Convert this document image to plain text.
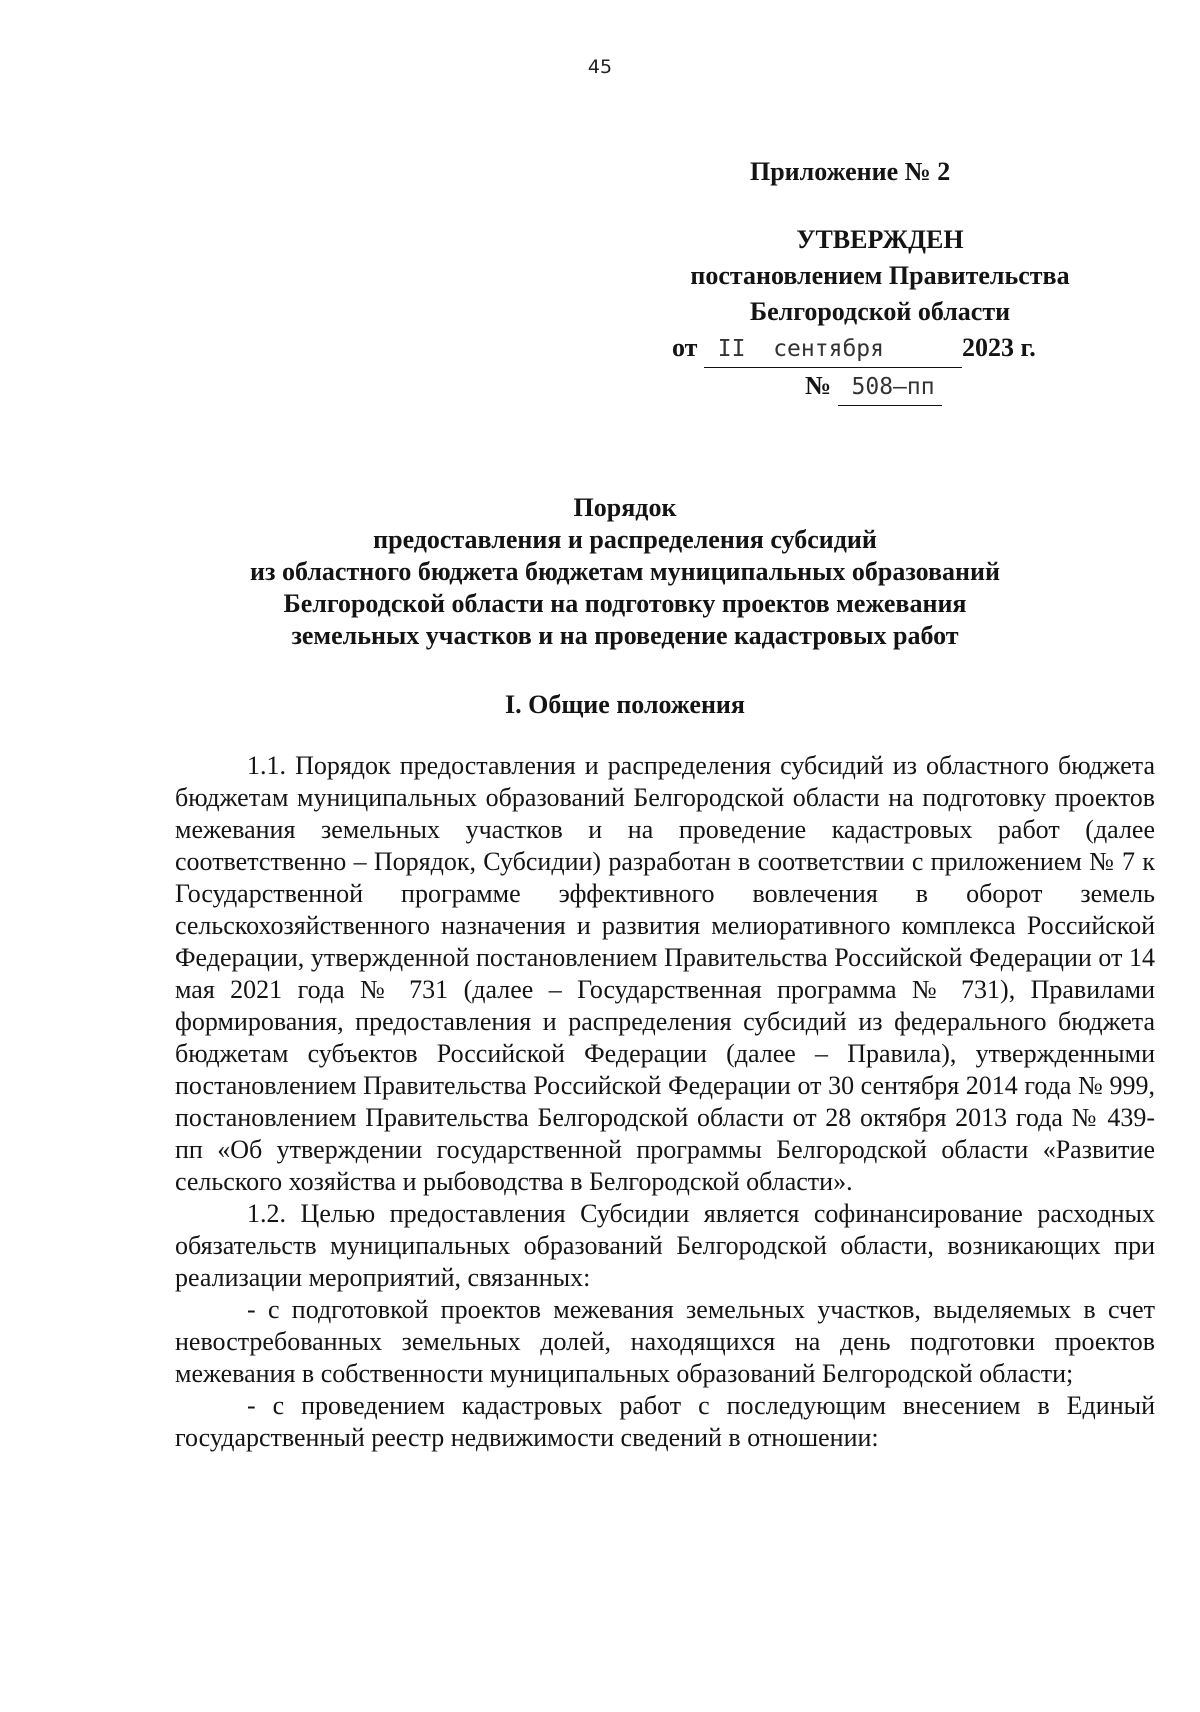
45
Приложение № 2
УТВЕРЖДЕН
постановлением Правительства
Белгородской области
от II сентября	2023 г.
№ 508–пп
Порядок
предоставления и распределения субсидий
из областного бюджета бюджетам муниципальных образований
Белгородской области на подготовку проектов межевания
земельных участков и на проведение кадастровых работ
I. Общие положения

1.1. Порядок предоставления и распределения субсидий из областного бюджета бюджетам муниципальных образований Белгородской области на подготовку проектов межевания земельных участков и на проведение кадастровых работ (далее соответственно – Порядок, Субсидии) разработан в соответствии с приложением № 7 к Государственной программе эффективного вовлечения в оборот земель сельскохозяйственного назначения и развития мелиоративного комплекса Российской Федерации, утвержденной постановлением Правительства Российской Федерации от 14 мая 2021 года № 731 (далее – Государственная программа № 731), Правилами формирования, предоставления и распределения субсидий из федерального бюджета бюджетам субъектов Российской Федерации (далее – Правила), утвержденными постановлением Правительства Российской Федерации от 30 сентября 2014 года № 999, постановлением Правительства Белгородской области от 28 октября 2013 года № 439-пп «Об утверждении государственной программы Белгородской области «Развитие сельского хозяйства и рыбоводства в Белгородской области».

1.2. Целью предоставления Субсидии является софинансирование расходных обязательств муниципальных образований Белгородской области, возникающих при реализации мероприятий, связанных:

- с подготовкой проектов межевания земельных участков, выделяемых в счет невостребованных земельных долей, находящихся на день подготовки проектов межевания в собственности муниципальных образований Белгородской области;

- с проведением кадастровых работ с последующим внесением в Единый государственный реестр недвижимости сведений в отношении:
